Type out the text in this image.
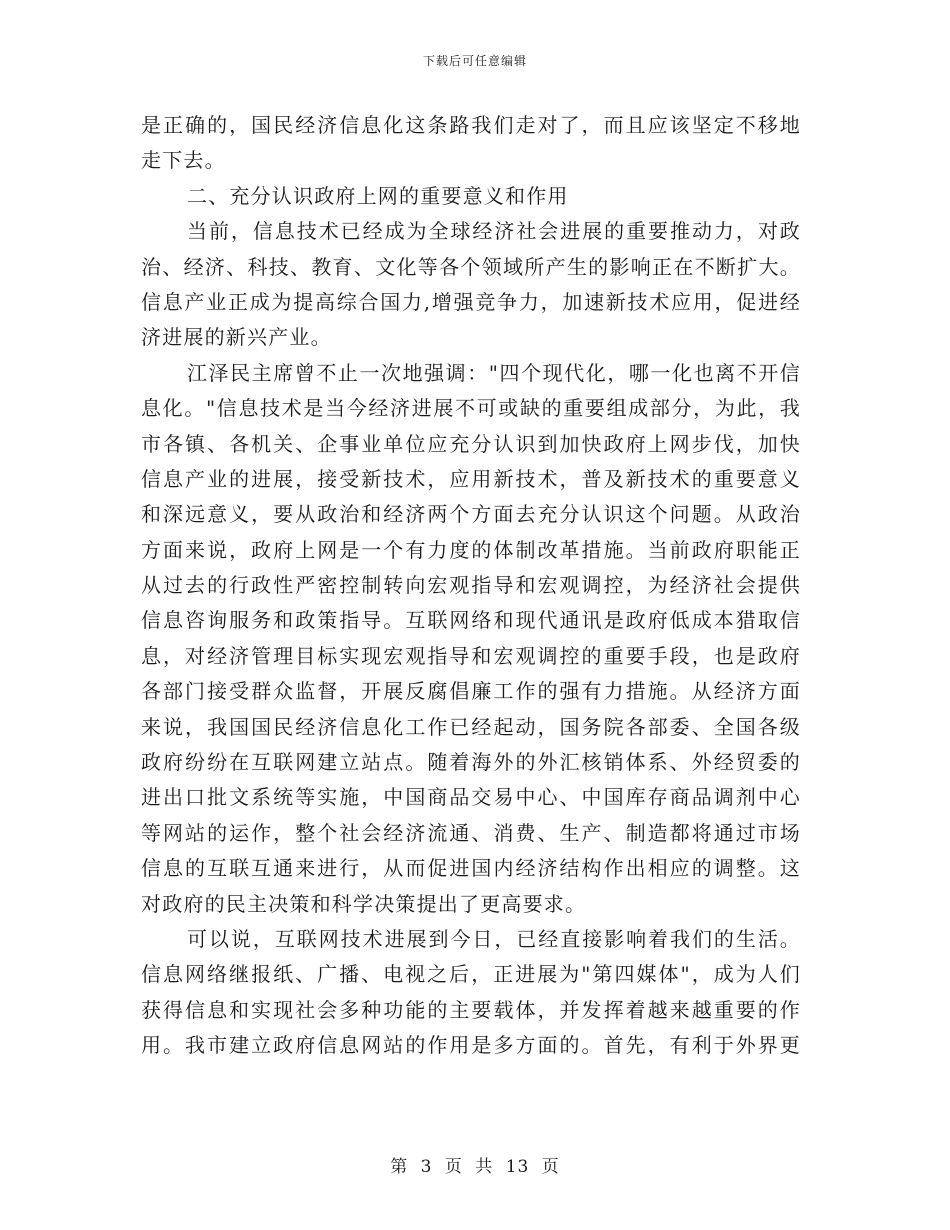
下载后可任意编辑
是正确的，国民经济信息化这条路我们走对了，而且应该坚定不移地
走下去。
二、充分认识政府上网的重要意义和作用
当前，信息技术已经成为全球经济社会进展的重要推动力，对政
治、经济、科技、教育、文化等各个领域所产生的影响正在不断扩大。
信息产业正成为提高综合国力,增强竞争力，加速新技术应用，促进经
济进展的新兴产业。
江泽民主席曾不止一次地强调："四个现代化，哪一化也离不开信
息化。"信息技术是当今经济进展不可或缺的重要组成部分，为此，我
市各镇、各机关、企事业单位应充分认识到加快政府上网步伐，加快
信息产业的进展，接受新技术，应用新技术，普及新技术的重要意义
和深远意义，要从政治和经济两个方面去充分认识这个问题。从政治
方面来说，政府上网是一个有力度的体制改革措施。当前政府职能正
从过去的行政性严密控制转向宏观指导和宏观调控，为经济社会提供
信息咨询服务和政策指导。互联网络和现代通讯是政府低成本猎取信
息，对经济管理目标实现宏观指导和宏观调控的重要手段，也是政府
各部门接受群众监督，开展反腐倡廉工作的强有力措施。从经济方面
来说，我国国民经济信息化工作已经起动，国务院各部委、全国各级
政府纷纷在互联网建立站点。随着海外的外汇核销体系、外经贸委的
进出口批文系统等实施，中国商品交易中心、中国库存商品调剂中心
等网站的运作，整个社会经济流通、消费、生产、制造都将通过市场
信息的互联互通来进行，从而促进国内经济结构作出相应的调整。这
对政府的民主决策和科学决策提出了更高要求。
可以说，互联网技术进展到今日，已经直接影响着我们的生活。
信息网络继报纸、广播、电视之后，正进展为"第四媒体"，成为人们
获得信息和实现社会多种功能的主要载体，并发挥着越来越重要的作
用。我市建立政府信息网站的作用是多方面的。首先，有利于外界更
第 3 页 共 13 页
